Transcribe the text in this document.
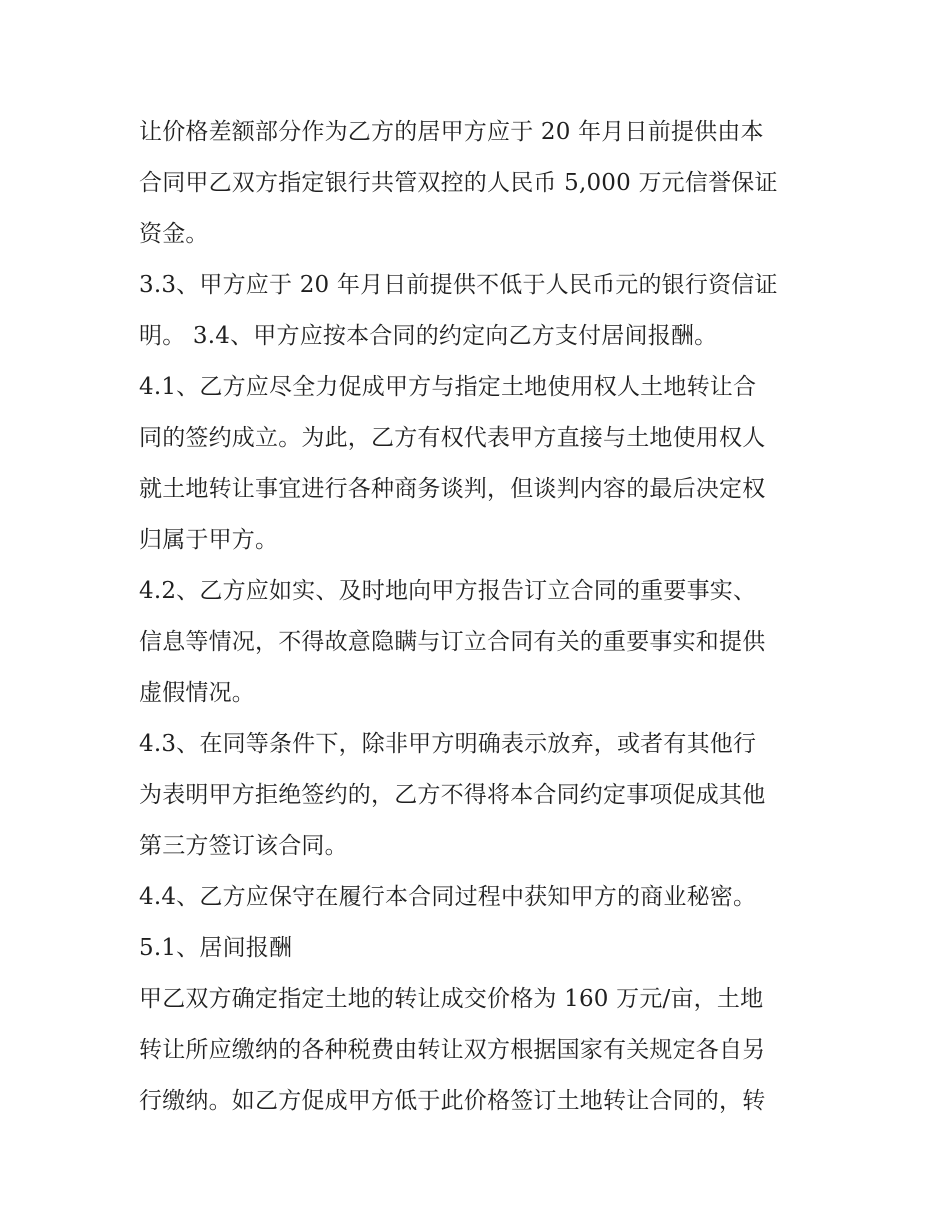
让价格差额部分作为乙方的居甲方应于 20 年月日前提供由本
合同甲乙双方指定银行共管双控的人民币 5,000 万元信誉保证
资金。
3.3、甲方应于 20 年月日前提供不低于人民币元的银行资信证
明。 3.4、甲方应按本合同的约定向乙方支付居间报酬。
4.1、乙方应尽全力促成甲方与指定土地使用权人土地转让合
同的签约成立。为此，乙方有权代表甲方直接与土地使用权人
就土地转让事宜进行各种商务谈判，但谈判内容的最后决定权
归属于甲方。
4.2、乙方应如实、及时地向甲方报告订立合同的重要事实、
信息等情况，不得故意隐瞒与订立合同有关的重要事实和提供
虚假情况。
4.3、在同等条件下，除非甲方明确表示放弃，或者有其他行
为表明甲方拒绝签约的，乙方不得将本合同约定事项促成其他
第三方签订该合同。
4.4、乙方应保守在履行本合同过程中获知甲方的商业秘密。
5.1、居间报酬
甲乙双方确定指定土地的转让成交价格为 160 万元/亩，土地
转让所应缴纳的各种税费由转让双方根据国家有关规定各自另
行缴纳。如乙方促成甲方低于此价格签订土地转让合同的，转
